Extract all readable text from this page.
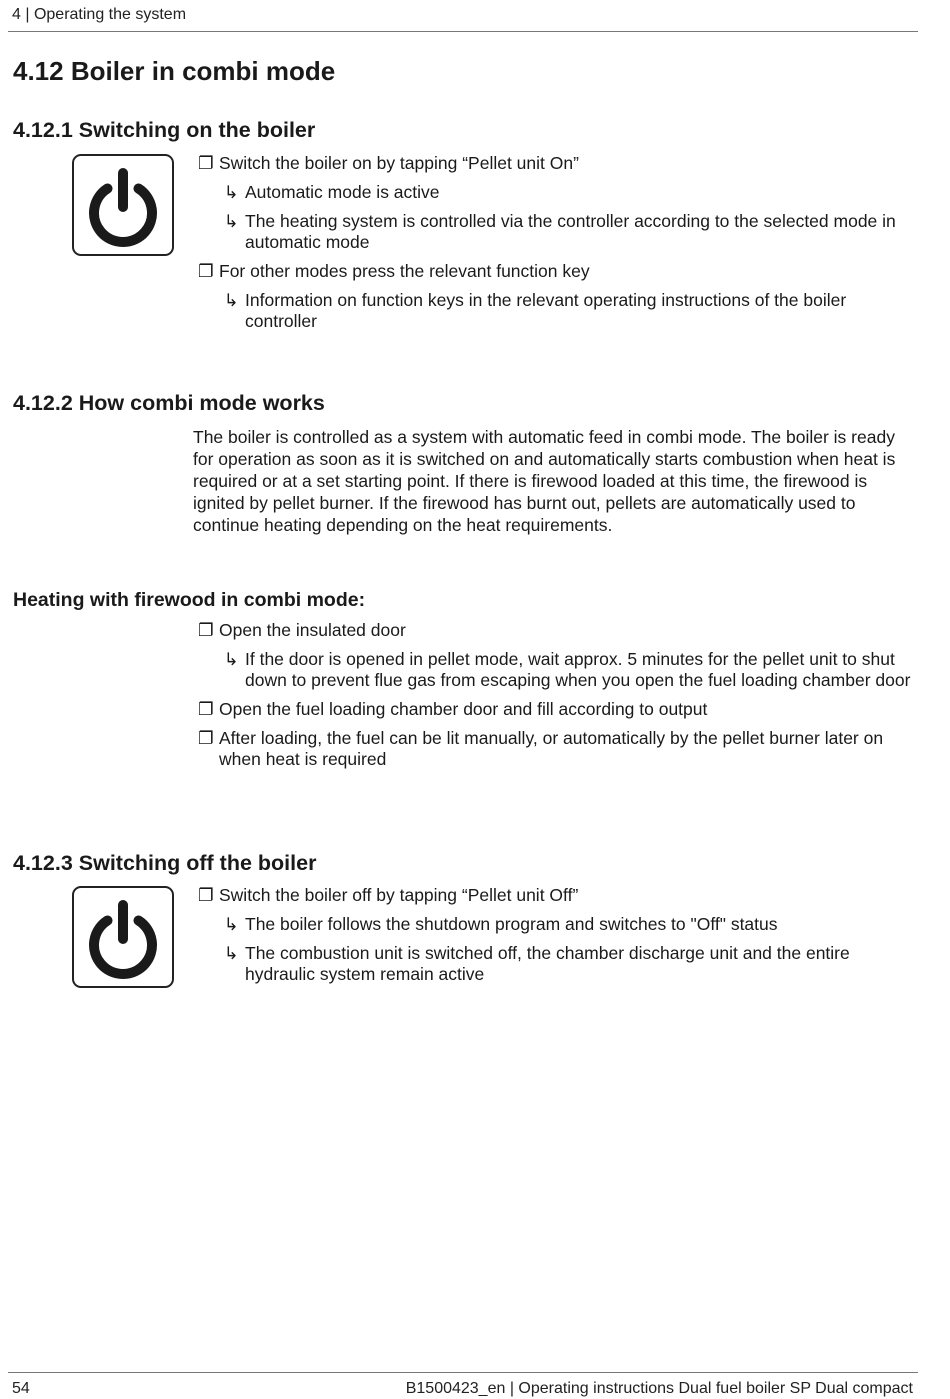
4 | Operating the system
4.12 Boiler in combi mode
4.12.1 Switching on the boiler
❐ Switch the boiler on by tapping “Pellet unit On”
↳ Automatic mode is active
↳ The heating system is controlled via the controller according to the selected mode in automatic mode
❐ For other modes press the relevant function key
↳ Information on function keys in the relevant operating instructions of the boiler controller
4.12.2 How combi mode works

The boiler is controlled as a system with automatic feed in combi mode. The boiler is ready for operation as soon as it is switched on and automatically starts combustion when heat is required or at a set starting point. If there is firewood loaded at this time, the firewood is ignited by pellet burner. If the firewood has burnt out, pellets are automatically used to continue heating depending on the heat requirements.

Heating with firewood in combi mode:
❐ Open the insulated door
↳ If the door is opened in pellet mode, wait approx. 5 minutes for the pellet unit to shut down to prevent flue gas from escaping when you open the fuel loading chamber door
❐ Open the fuel loading chamber door and fill according to output
❐ After loading, the fuel can be lit manually, or automatically by the pellet burner later on when heat is required
4.12.3 Switching off the boiler
❐ Switch the boiler off by tapping “Pellet unit Off”
↳ The boiler follows the shutdown program and switches to "Off" status
↳ The combustion unit is switched off, the chamber discharge unit and the entire hydraulic system remain active
54	B1500423_en | Operating instructions Dual fuel boiler SP Dual compact
